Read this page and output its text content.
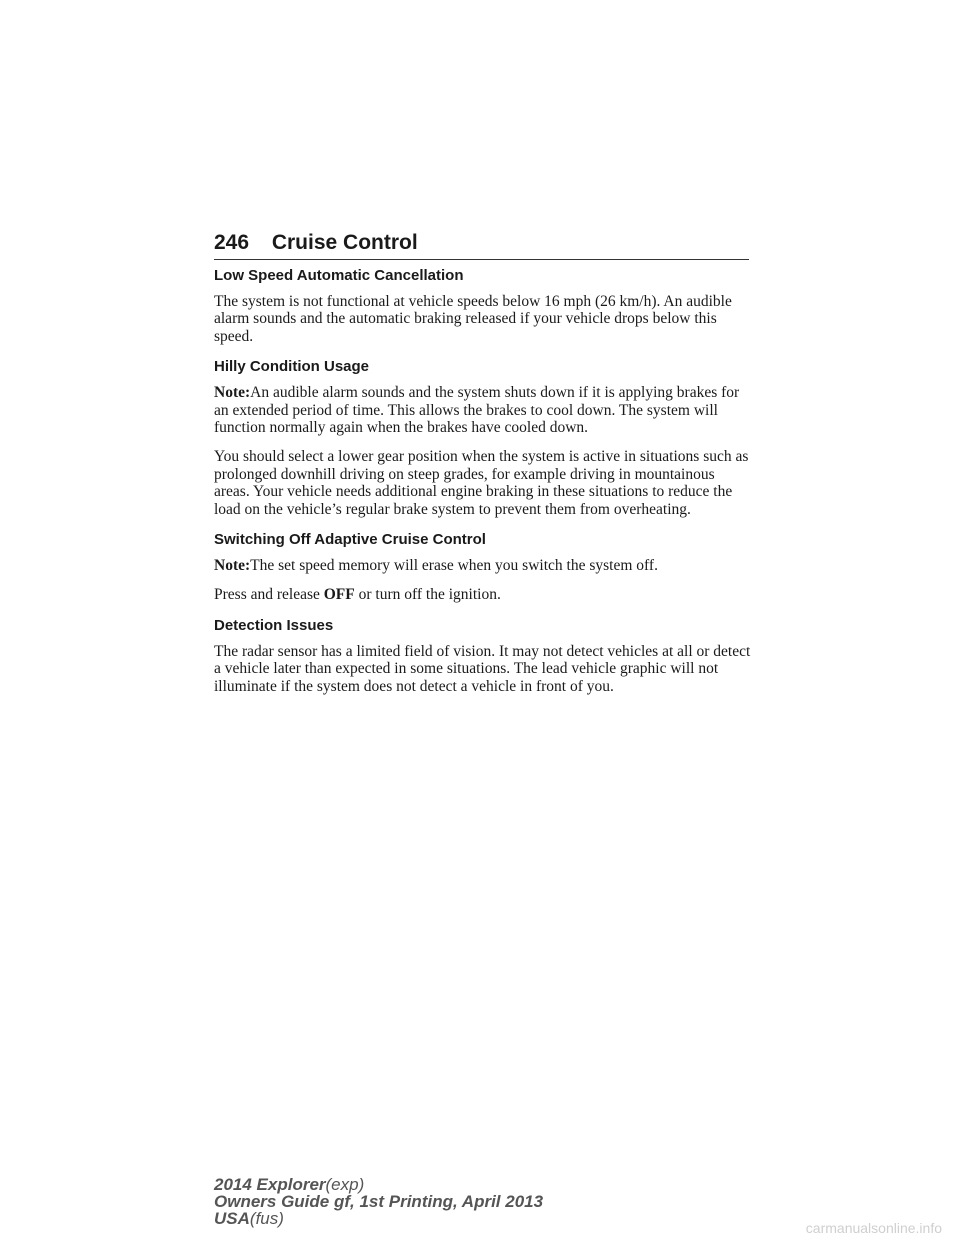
246 Cruise Control
Low Speed Automatic Cancellation

The system is not functional at vehicle speeds below 16 mph (26 km/h). An audible alarm sounds and the automatic braking released if your vehicle drops below this speed.

Hilly Condition Usage

Note:An audible alarm sounds and the system shuts down if it is applying brakes for an extended period of time. This allows the brakes to cool down. The system will function normally again when the brakes have cooled down.

You should select a lower gear position when the system is active in situations such as prolonged downhill driving on steep grades, for example driving in mountainous areas. Your vehicle needs additional engine braking in these situations to reduce the load on the vehicle’s regular brake system to prevent them from overheating.

Switching Off Adaptive Cruise Control

Note:The set speed memory will erase when you switch the system off.

Press and release OFF or turn off the ignition.

Detection Issues

The radar sensor has a limited field of vision. It may not detect vehicles at all or detect a vehicle later than expected in some situations. The lead vehicle graphic will not illuminate if the system does not detect a vehicle in front of you.

2014 Explorer(exp)
Owners Guide gf, 1st Printing, April 2013
USA(fus)	carmanualsonline.info
